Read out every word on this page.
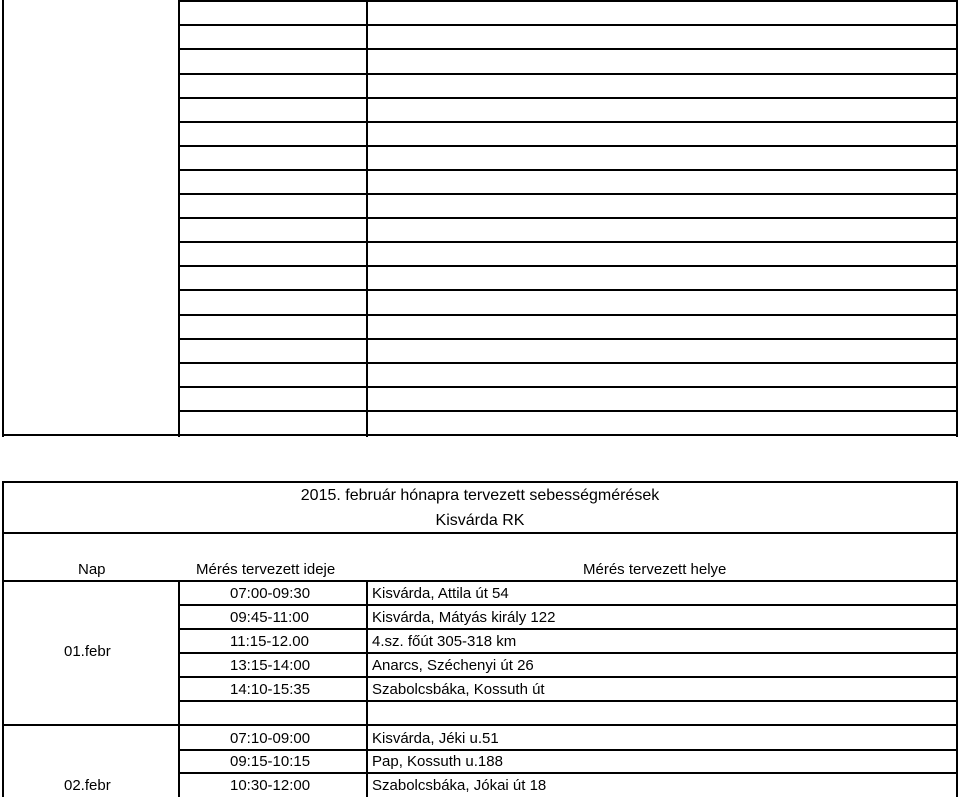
2015. február hónapra tervezett sebességmérések
Kisvárda RK
Nap	Mérés tervezett ideje	Mérés tervezett helye
01.febr
07:00-09:30	Kisvárda, Attila út 54
09:45-11:00	Kisvárda, Mátyás király 122
11:15-12.00	4.sz. főút 305-318 km
13:15-14:00	Anarcs, Széchenyi út 26
14:10-15:35	Szabolcsbáka, Kossuth út
02.febr
07:10-09:00	Kisvárda, Jéki u.51
09:15-10:15	Pap, Kossuth u.188
10:30-12:00	Szabolcsbáka, Jókai út 18
